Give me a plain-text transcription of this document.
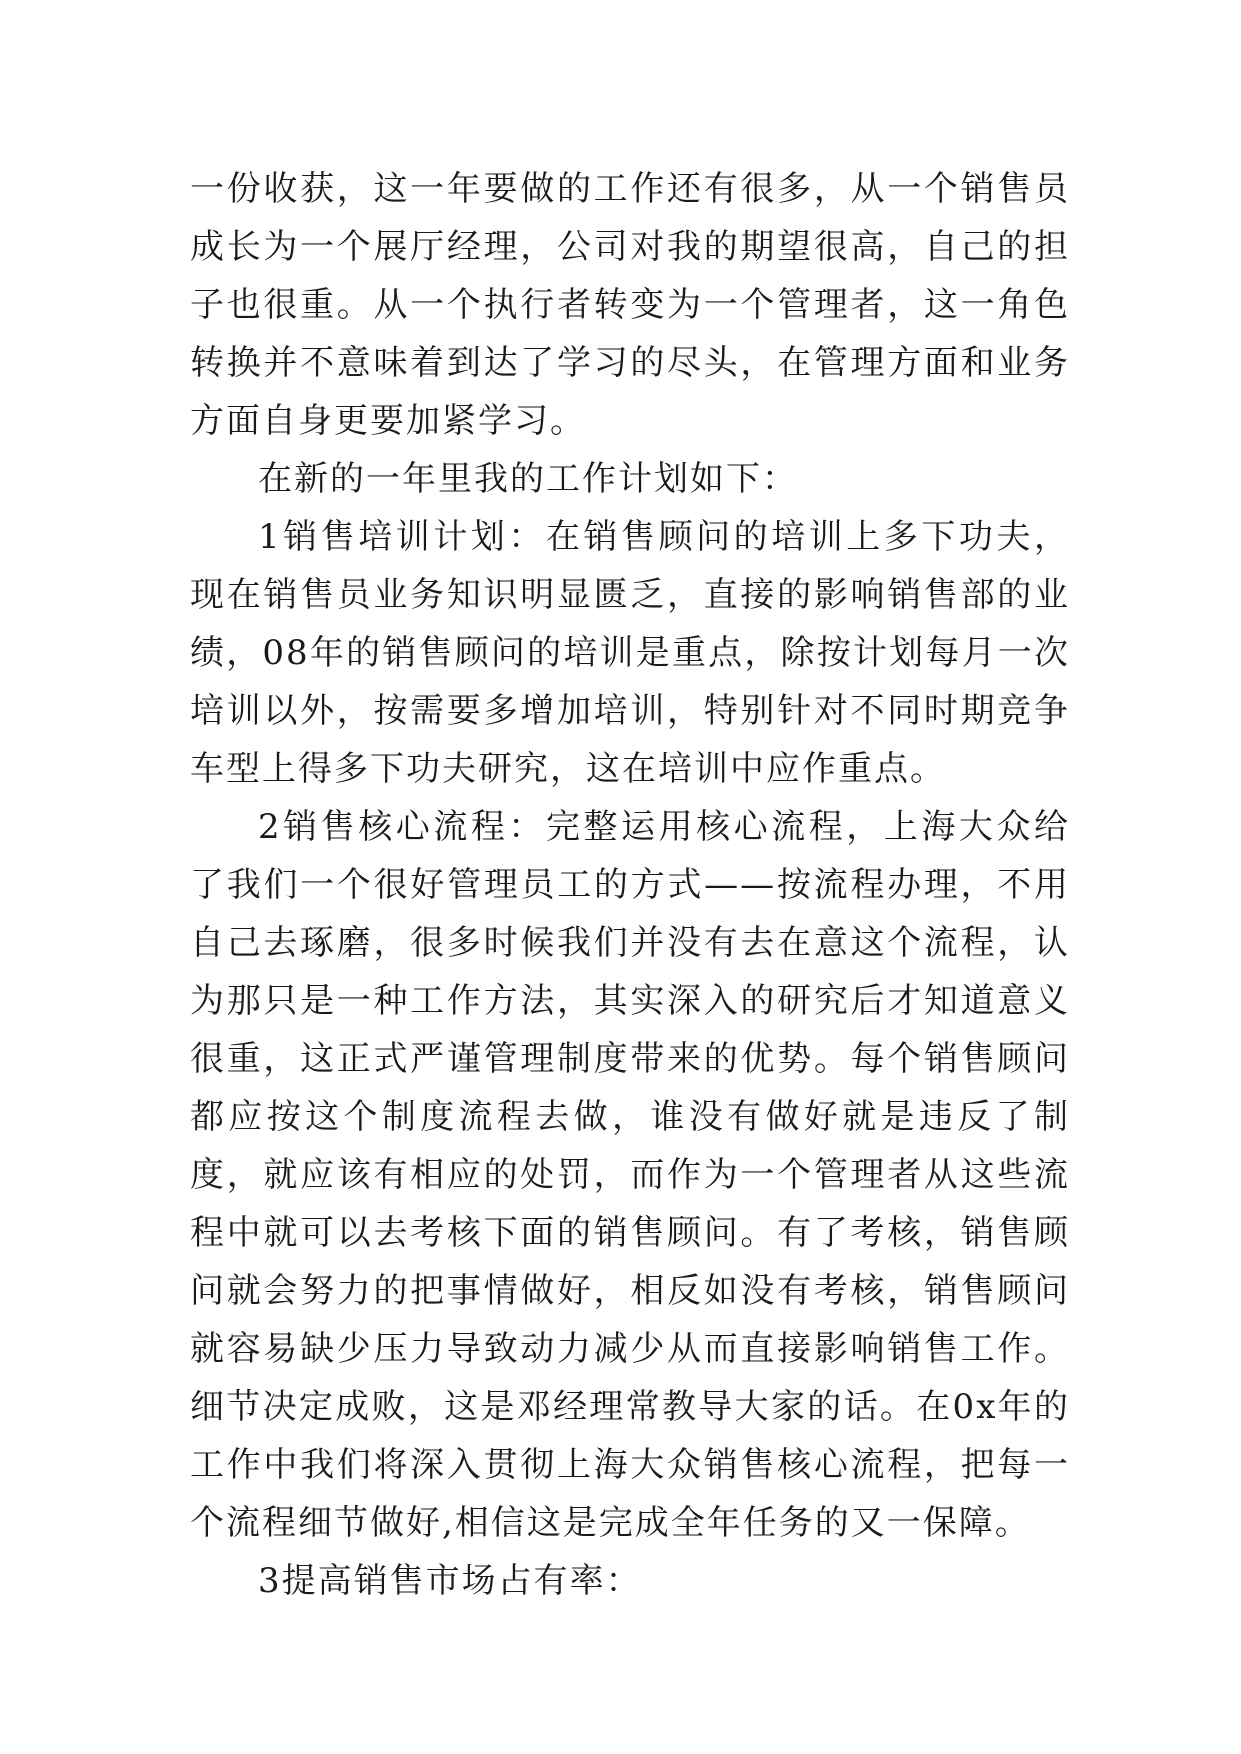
一份收获，这一年要做的工作还有很多，从一个销售员成长为一个展厅经理，公司对我的期望很高，自己的担子也很重。从一个执行者转变为一个管理者，这一角色转换并不意味着到达了学习的尽头，在管理方面和业务方面自身更要加紧学习。

在新的一年里我的工作计划如下：

1销售培训计划：在销售顾问的培训上多下功夫，现在销售员业务知识明显匮乏，直接的影响销售部的业绩，08年的销售顾问的培训是重点，除按计划每月一次培训以外，按需要多增加培训，特别针对不同时期竞争车型上得多下功夫研究，这在培训中应作重点。

2销售核心流程：完整运用核心流程，上海大众给了我们一个很好管理员工的方式——按流程办理，不用自己去琢磨，很多时候我们并没有去在意这个流程，认为那只是一种工作方法，其实深入的研究后才知道意义很重，这正式严谨管理制度带来的优势。每个销售顾问都应按这个制度流程去做，谁没有做好就是违反了制度，就应该有相应的处罚，而作为一个管理者从这些流程中就可以去考核下面的销售顾问。有了考核，销售顾问就会努力的把事情做好，相反如没有考核，销售顾问就容易缺少压力导致动力减少从而直接影响销售工作。细节决定成败，这是邓经理常教导大家的话。在0x年的工作中我们将深入贯彻上海大众销售核心流程，把每一个流程细节做好,相信这是完成全年任务的又一保障。

3提高销售市场占有率：
